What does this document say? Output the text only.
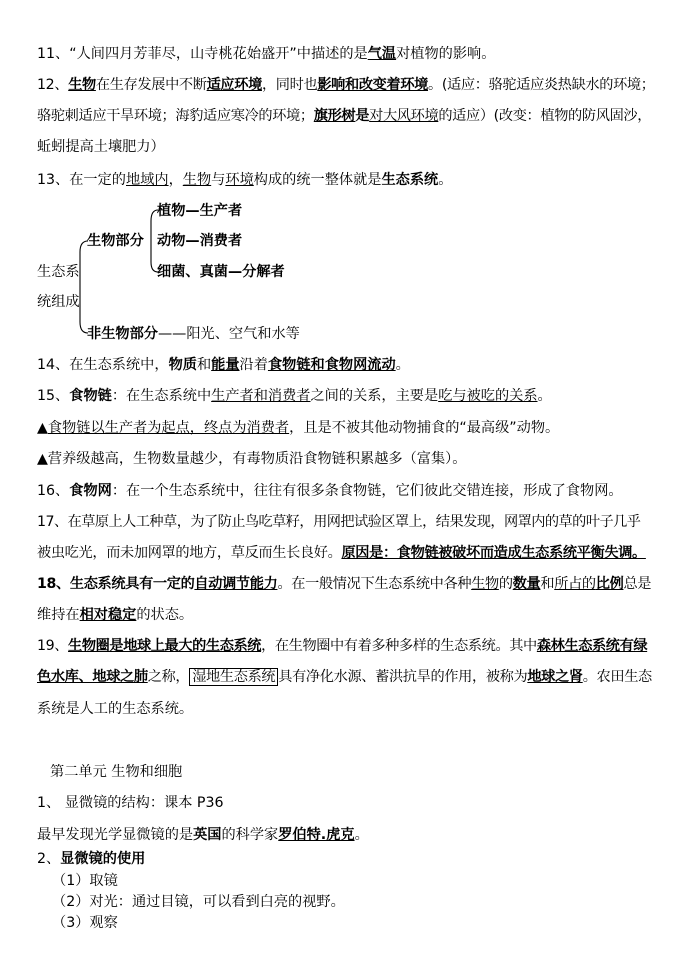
11、“人间四月芳菲尽，山寺桃花始盛开”中描述的是气温对植物的影响。
12、生物在生存发展中不断适应环境，同时也影响和改变着环境。(适应：骆驼适应炎热缺水的环境；
骆驼刺适应干旱环境；海豹适应寒冷的环境；旗形树是对大风环境的适应）(改变：植物的防风固沙，
蚯蚓提高土壤肥力）
13、在一定的地域内，生物与环境构成的统一整体就是生态系统。
生态系
统组成
生物部分
非生物部分——阳光、空气和水等
植物—生产者
动物—消费者
细菌、真菌—分解者
14、在生态系统中，物质和能量沿着食物链和食物网流动。
15、食物链：在生态系统中生产者和消费者之间的关系，主要是吃与被吃的关系。
▲食物链以生产者为起点，终点为消费者，且是不被其他动物捕食的“最高级”动物。
▲营养级越高，生物数量越少，有毒物质沿食物链积累越多（富集）。
16、食物网：在一个生态系统中，往往有很多条食物链，它们彼此交错连接，形成了食物网。
17、在草原上人工种草，为了防止鸟吃草籽，用网把试验区罩上，结果发现，网罩内的草的叶子几乎
被虫吃光，而未加网罩的地方，草反而生长良好。原因是：食物链被破坏而造成生态系统平衡失调。
18、生态系统具有一定的自动调节能力。在一般情况下生态系统中各种生物的数量和所占的比例总是
维持在相对稳定的状态。
19、生物圈是地球上最大的生态系统，在生物圈中有着多种多样的生态系统。其中森林生态系统有绿
色水库、地球之肺之称， 湿地生态系统 具有净化水源、蓄洪抗旱的作用，被称为地球之肾。农田生态
系统是人工的生态系统。
第二单元 生物和细胞
1、 显微镜的结构：课本 P36
最早发现光学显微镜的是英国的科学家罗伯特.虎克。
2、显微镜的使用
（1）取镜
（2）对光：通过目镜，可以看到白亮的视野。
（3）观察
